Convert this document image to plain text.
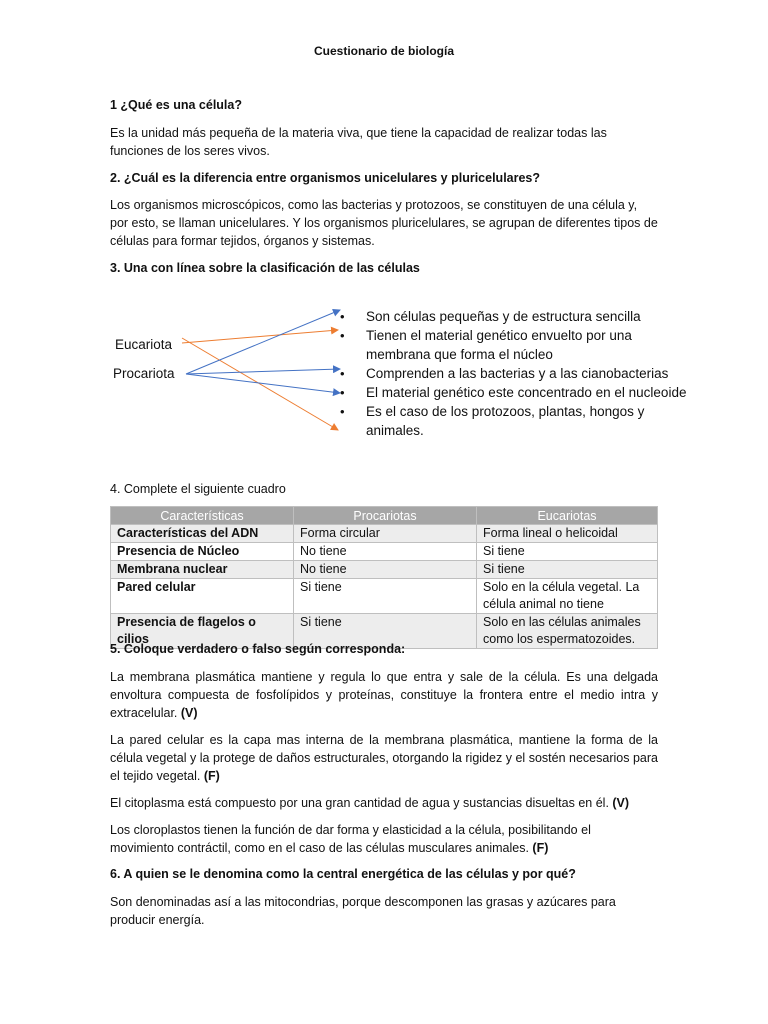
Cuestionario de biología
1 ¿Qué es una célula?
Es la unidad más pequeña de la materia viva, que tiene la capacidad de realizar todas las funciones de los seres vivos.
2. ¿Cuál es la diferencia entre organismos unicelulares y pluricelulares?
Los organismos microscópicos, como las bacterias y protozoos, se constituyen de una célula y, por esto, se llaman unicelulares. Y los organismos pluricelulares, se agrupan de diferentes tipos de células para formar tejidos, órganos y sistemas.
3. Una con línea sobre la clasificación de las células
Eucariota
Procariota
• Son células pequeñas y de estructura sencilla
• Tienen el material genético envuelto por una membrana que forma el núcleo
• Comprenden a las bacterias y a las cianobacterias
• El material genético este concentrado en el nucleoide
• Es el caso de los protozoos, plantas, hongos y animales.
4. Complete el siguiente cuadro
Características	Procariotas	Eucariotas
Características del ADN	Forma circular	Forma lineal o helicoidal
Presencia de Núcleo	No tiene	Si tiene
Membrana nuclear	No tiene	Si tiene
Pared celular	Si tiene	Solo en la célula vegetal. La célula animal no tiene
Presencia de flagelos o cilios	Si tiene	Solo en las células animales como los espermatozoides.
5. Coloque verdadero o falso según corresponda:
La membrana plasmática mantiene y regula lo que entra y sale de la célula. Es una delgada envoltura compuesta de fosfolípidos y proteínas, constituye la frontera entre el medio intra y extracelular. (V)
La pared celular es la capa mas interna de la membrana plasmática, mantiene la forma de la célula vegetal y la protege de daños estructurales, otorgando la rigidez y el sostén necesarios para el tejido vegetal. (F)
El citoplasma está compuesto por una gran cantidad de agua y sustancias disueltas en él. (V)
Los cloroplastos tienen la función de dar forma y elasticidad a la célula, posibilitando el movimiento contráctil, como en el caso de las células musculares animales. (F)
6. A quien se le denomina como la central energética de las células y por qué?
Son denominadas así a las mitocondrias, porque descomponen las grasas y azúcares para producir energía.
